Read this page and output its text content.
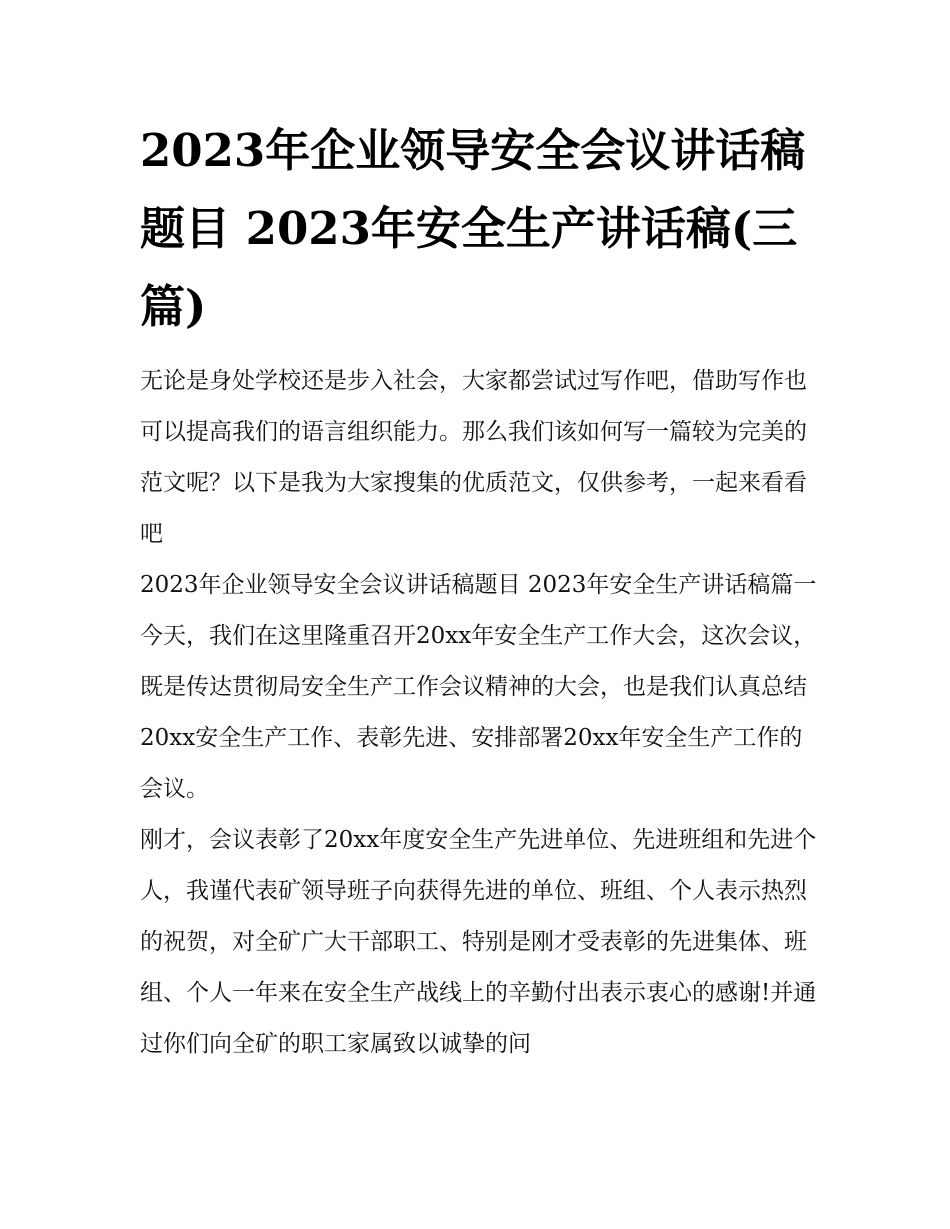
2023年企业领导安全会议讲话稿题目 2023年安全生产讲话稿(三篇)

无论是身处学校还是步入社会，大家都尝试过写作吧，借助写作也可以提高我们的语言组织能力。那么我们该如何写一篇较为完美的范文呢？以下是我为大家搜集的优质范文，仅供参考，一起来看看吧

2023年企业领导安全会议讲话稿题目 2023年安全生产讲话稿篇一

今天，我们在这里隆重召开20xx年安全生产工作大会，这次会议，既是传达贯彻局安全生产工作会议精神的大会，也是我们认真总结20xx安全生产工作、表彰先进、安排部署20xx年安全生产工作的会议。

刚才，会议表彰了20xx年度安全生产先进单位、先进班组和先进个人，我谨代表矿领导班子向获得先进的单位、班组、个人表示热烈的祝贺，对全矿广大干部职工、特别是刚才受表彰的先进集体、班组、个人一年来在安全生产战线上的辛勤付出表示衷心的感谢!并通过你们向全矿的职工家属致以诚挚的问
